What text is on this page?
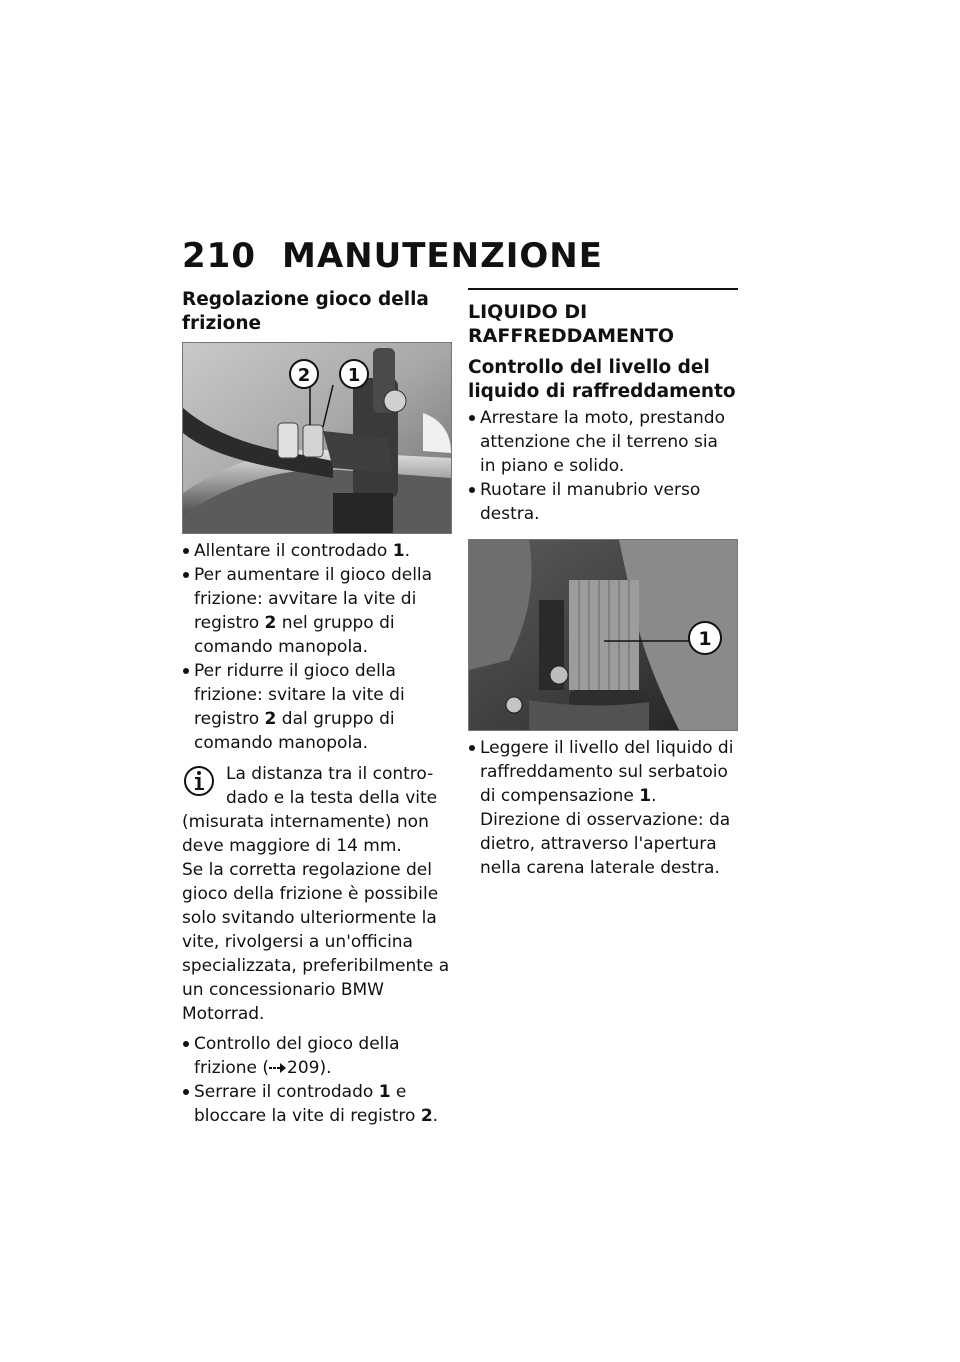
210 MANUTENZIONE
Regolazione gioco della frizione
2 1
Allentare il controdado 1.
Per aumentare il gioco della frizione: avvitare la vite di registro 2 nel gruppo di comando manopola.
Per ridurre il gioco della frizione: svitare la vite di registro 2 dal gruppo di comando manopola.
La distanza tra il contro-
dado e la testa della vite
(misurata internamente) non deve maggiore di 14 mm.

Se la corretta regolazione del gioco della frizione è possibile solo svitando ulteriormente la vite, rivolgersi a un'officina specializzata, preferibilmente a un concessionario BMW Motorrad.

Controllo del gioco della frizione ( 209).
Serrare il controdado 1 e bloccare la vite di registro 2.
LIQUIDO DI RAFFREDDAMENTO
Controllo del livello del liquido di raffreddamento
Arrestare la moto, prestando attenzione che il terreno sia in piano e solido.
Ruotare il manubrio verso destra.
1
Leggere il livello del liquido di raffreddamento sul serbatoio di compensazione 1. Direzione di osservazione: da dietro, attraverso l'apertura nella carena laterale destra.
